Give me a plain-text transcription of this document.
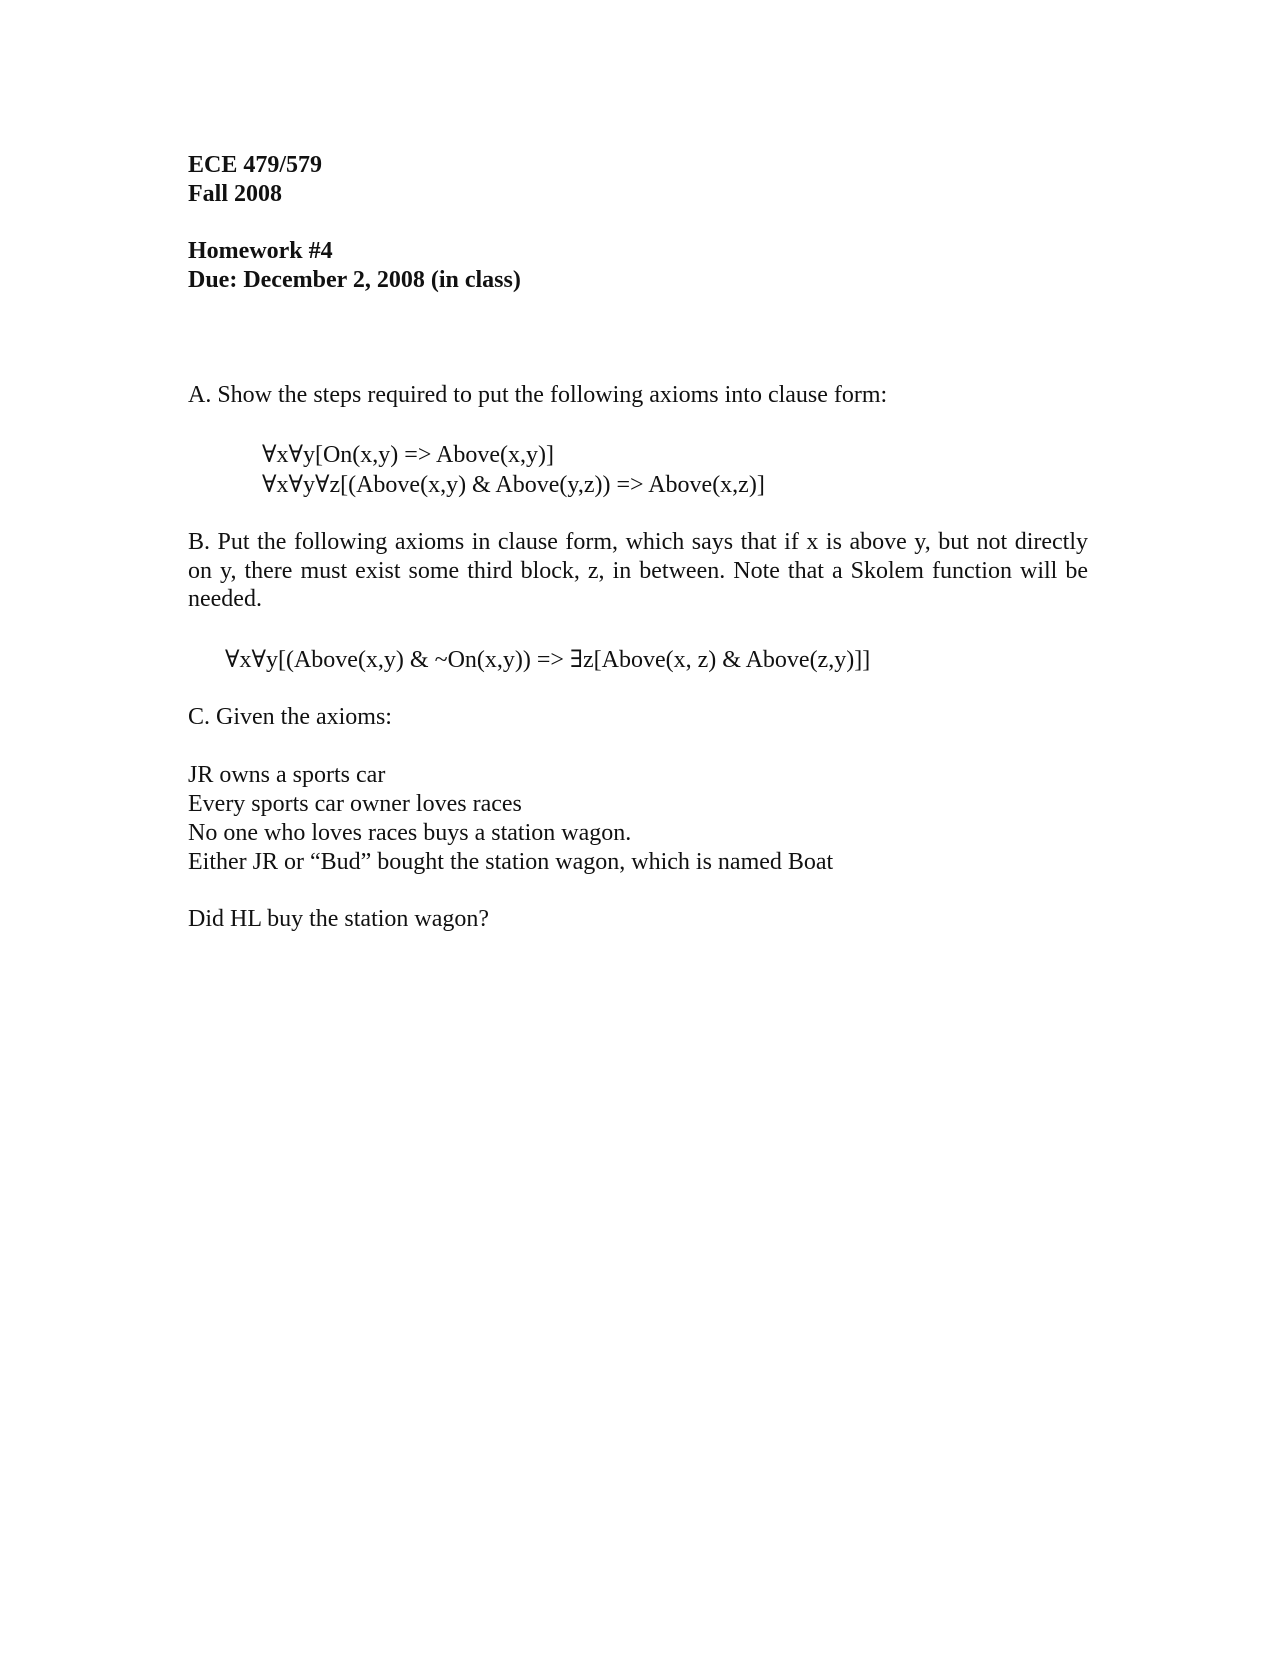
ECE 479/579
Fall 2008
Homework #4
Due: December 2, 2008 (in class)
A. Show the steps required to put the following axioms into clause form:
∀x∀y[On(x,y) => Above(x,y)]
∀x∀y∀z[(Above(x,y) & Above(y,z)) => Above(x,z)]
B. Put the following axioms in clause form, which says that if x is above y, but not directly on y, there must exist some third block, z, in between. Note that a Skolem function will be needed.
∀x∀y[(Above(x,y) & ~On(x,y)) => ∃z[Above(x, z) & Above(z,y)]]
C. Given the axioms:
JR owns a sports car
Every sports car owner loves races
No one who loves races buys a station wagon.
Either JR or “Bud” bought the station wagon, which is named Boat
Did HL buy the station wagon?
